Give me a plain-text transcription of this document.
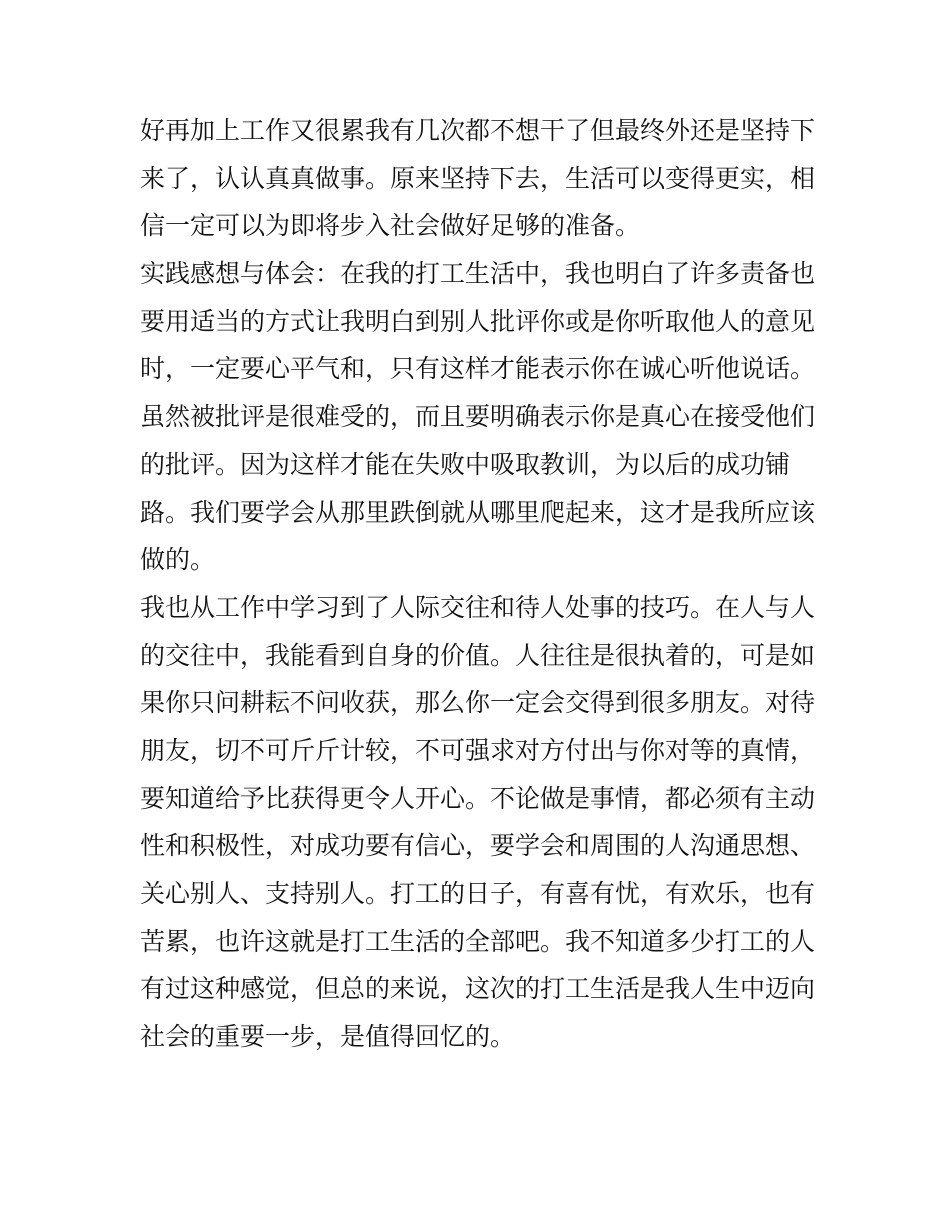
好再加上工作又很累我有几次都不想干了但最终外还是坚持下
来了，认认真真做事。原来坚持下去，生活可以变得更实，相
信一定可以为即将步入社会做好足够的准备。
实践感想与体会：在我的打工生活中，我也明白了许多责备也
要用适当的方式让我明白到别人批评你或是你听取他人的意见
时，一定要心平气和，只有这样才能表示你在诚心听他说话。
虽然被批评是很难受的，而且要明确表示你是真心在接受他们
的批评。因为这样才能在失败中吸取教训，为以后的成功铺
路。我们要学会从那里跌倒就从哪里爬起来，这才是我所应该
做的。
我也从工作中学习到了人际交往和待人处事的技巧。在人与人
的交往中，我能看到自身的价值。人往往是很执着的，可是如
果你只问耕耘不问收获，那么你一定会交得到很多朋友。对待
朋友，切不可斤斤计较，不可强求对方付出与你对等的真情，
要知道给予比获得更令人开心。不论做是事情，都必须有主动
性和积极性，对成功要有信心，要学会和周围的人沟通思想、
关心别人、支持别人。打工的日子，有喜有忧，有欢乐，也有
苦累，也许这就是打工生活的全部吧。我不知道多少打工的人
有过这种感觉，但总的来说，这次的打工生活是我人生中迈向
社会的重要一步，是值得回忆的。
